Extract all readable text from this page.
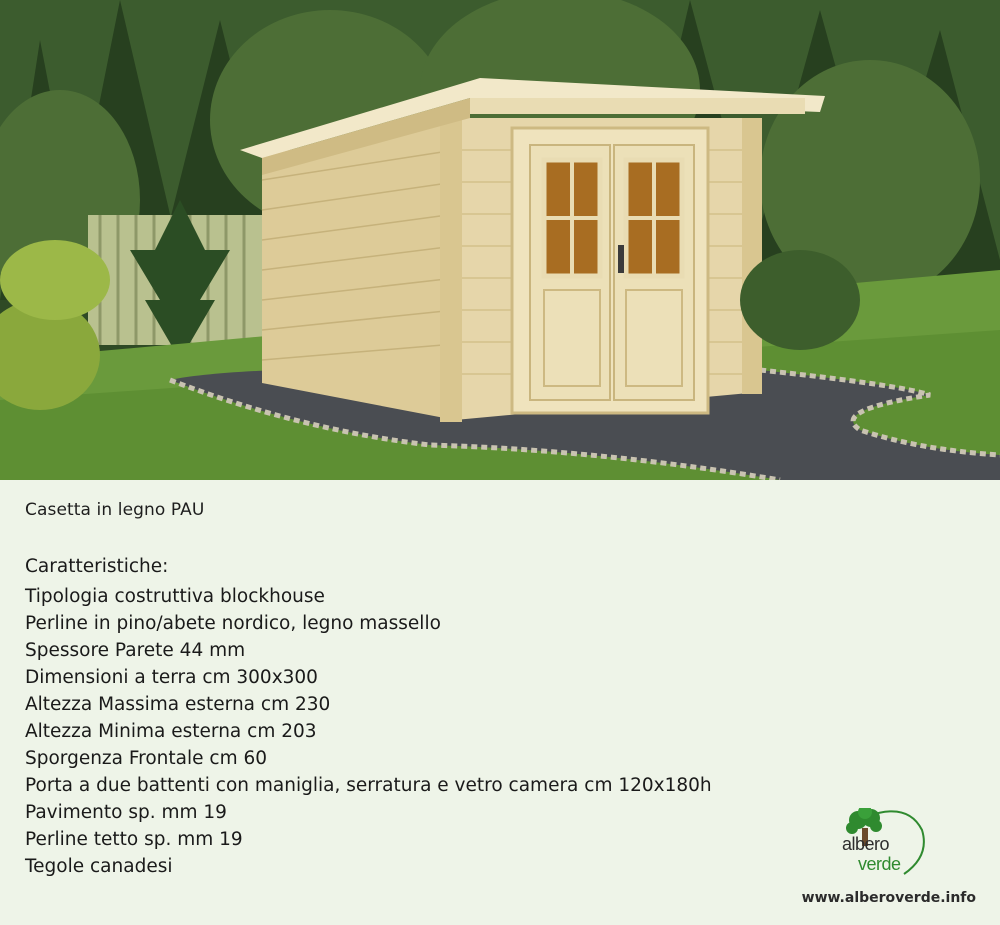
Casetta in legno PAU
Caratteristiche:
Tipologia costruttiva blockhouse
Perline in pino/abete nordico, legno massello
Spessore Parete 44 mm
Dimensioni a terra cm 300x300
Altezza Massima esterna cm 230
Altezza Minima esterna cm 203
Sporgenza Frontale cm 60
Porta a due battenti con maniglia, serratura e vetro camera cm 120x180h
Pavimento sp. mm 19
Perline tetto sp. mm 19
Tegole canadesi
albero
verde
www.alberoverde.info
